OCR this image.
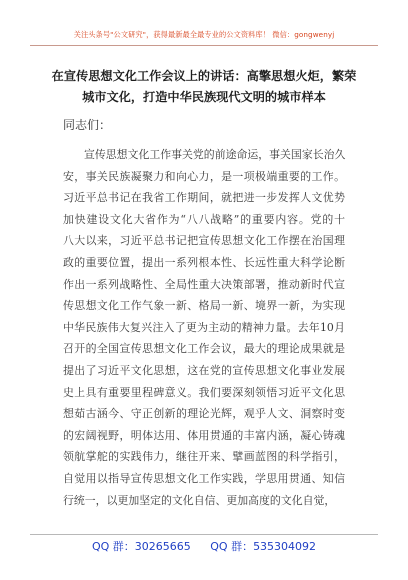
关注头条号"公文研究"，获得最新最全最专业的公文资料库！ 微信：gongwenyj
在宣传思想文化工作会议上的讲话：高擎思想火炬，繁荣
城市文化，打造中华民族现代文明的城市样本
同志们：
宣传思想文化工作事关党的前途命运，事关国家长治久
安，事关民族凝聚力和向心力，是一项极端重要的工作。
习近平总书记在我省工作期间，就把进一步发挥人文优势
加快建设文化大省作为“八八战略”的重要内容。党的十
八大以来，习近平总书记把宣传思想文化工作摆在治国理
政的重要位置，提出一系列根本性、长远性重大科学论断
作出一系列战略性、全局性重大决策部署，推动新时代宣
传思想文化工作气象一新、格局一新、境界一新，为实现
中华民族伟大复兴注入了更为主动的精神力量。去年10月
召开的全国宣传思想文化工作会议，最大的理论成果就是
提出了习近平文化思想，这在党的宣传思想文化事业发展
史上具有重要里程碑意义。我们要深刻领悟习近平文化思
想茹古涵今、守正创新的理论光辉，观乎人文、洞察时变
的宏阔视野，明体达用、体用贯通的丰富内涵，凝心铸魂
领航掌舵的实践伟力，继往开来、擘画蓝图的科学指引，
自觉用以指导宣传思想文化工作实践，学思用贯通、知信
行统一，以更加坚定的文化自信、更加高度的文化自觉，
QQ 群：30265665 QQ 群：535304092
